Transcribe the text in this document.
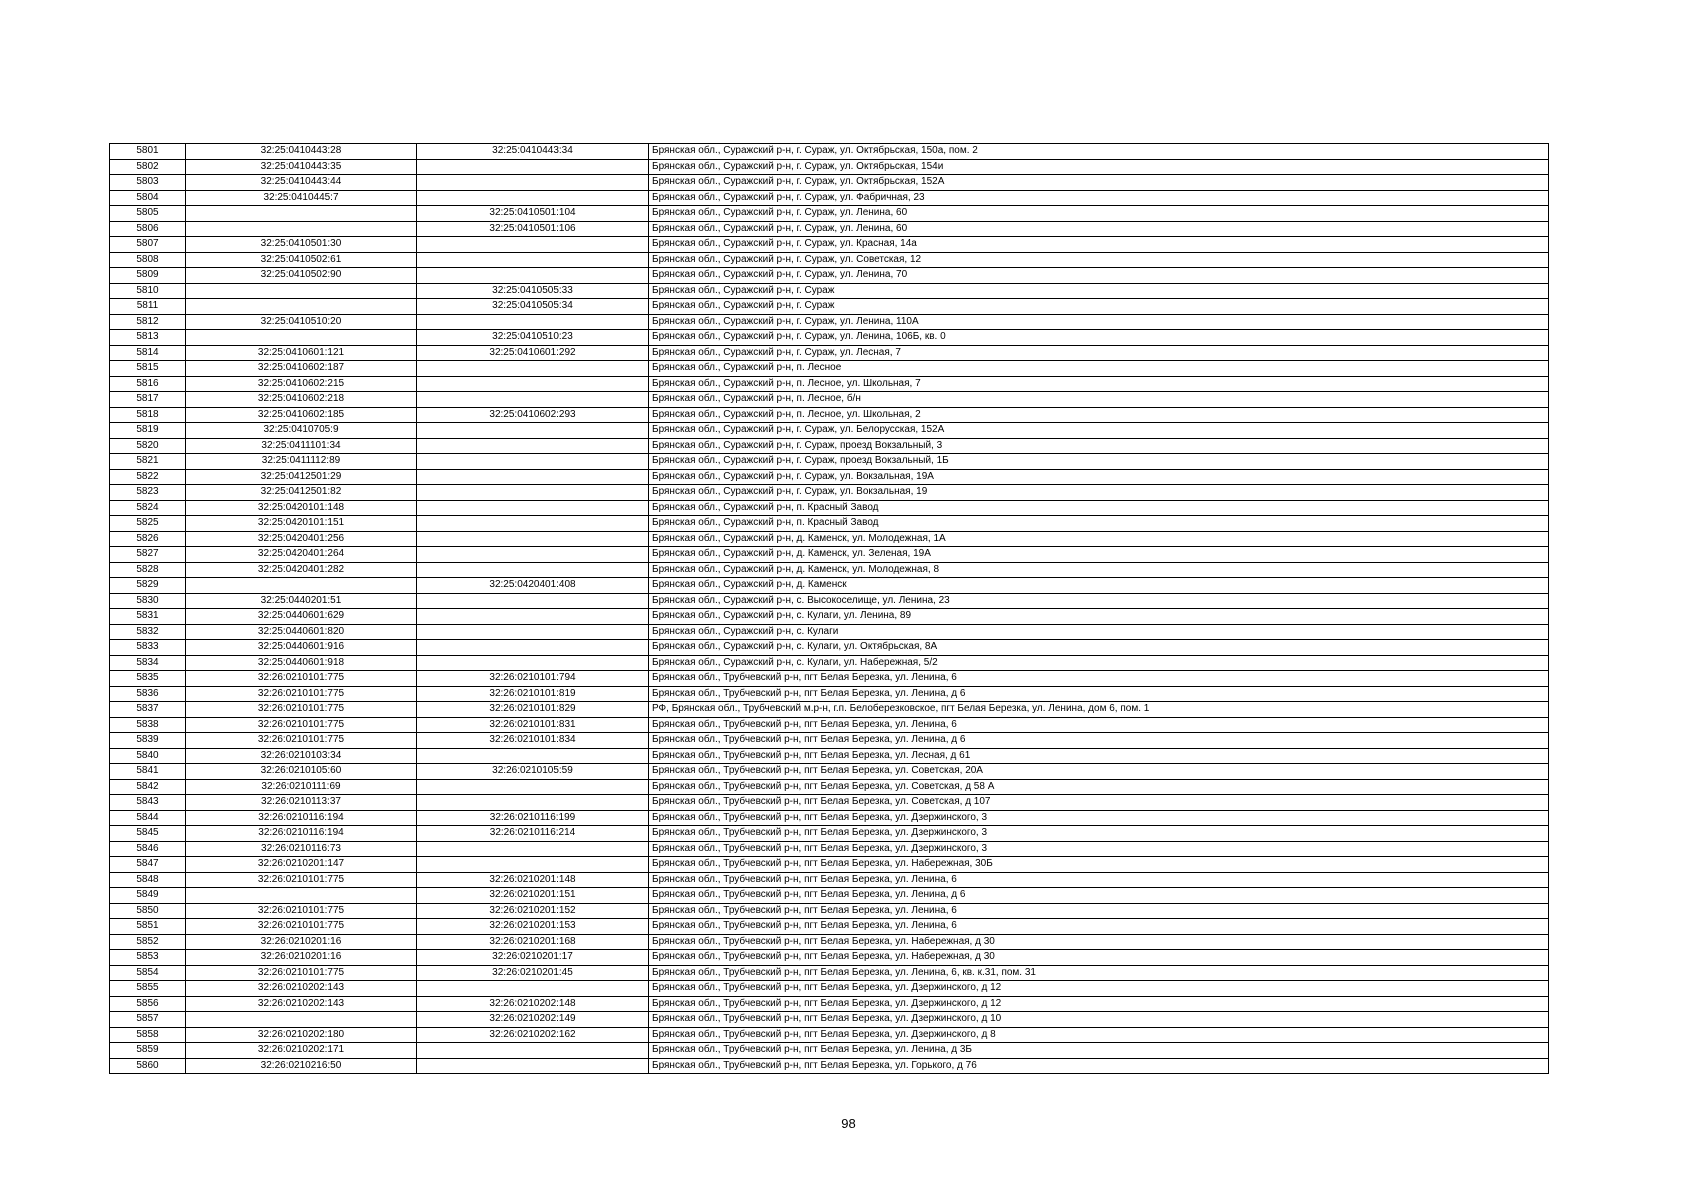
5801	32:25:0410443:28	32:25:0410443:34	Брянская обл., Суражский р-н, г. Сураж, ул. Октябрьская, 150а, пом. 2
5802	32:25:0410443:35		Брянская обл., Суражский р-н, г. Сураж, ул. Октябрьская, 154и
5803	32:25:0410443:44		Брянская обл., Суражский р-н, г. Сураж, ул. Октябрьская, 152А
5804	32:25:0410445:7		Брянская обл., Суражский р-н, г. Сураж, ул. Фабричная, 23
5805		32:25:0410501:104	Брянская обл., Суражский р-н, г. Сураж, ул. Ленина, 60
5806		32:25:0410501:106	Брянская обл., Суражский р-н, г. Сураж, ул. Ленина, 60
5807	32:25:0410501:30		Брянская обл., Суражский р-н, г. Сураж, ул. Красная, 14а
5808	32:25:0410502:61		Брянская обл., Суражский р-н, г. Сураж, ул. Советская, 12
5809	32:25:0410502:90		Брянская обл., Суражский р-н, г. Сураж, ул. Ленина, 70
5810		32:25:0410505:33	Брянская обл., Суражский р-н, г. Сураж
5811		32:25:0410505:34	Брянская обл., Суражский р-н, г. Сураж
5812	32:25:0410510:20		Брянская обл., Суражский р-н, г. Сураж, ул. Ленина, 110А
5813		32:25:0410510:23	Брянская обл., Суражский р-н, г. Сураж, ул. Ленина, 106Б, кв. 0
5814	32:25:0410601:121	32:25:0410601:292	Брянская обл., Суражский р-н, г. Сураж, ул. Лесная, 7
5815	32:25:0410602:187		Брянская обл., Суражский р-н, п. Лесное
5816	32:25:0410602:215		Брянская обл., Суражский р-н, п. Лесное, ул. Школьная, 7
5817	32:25:0410602:218		Брянская обл., Суражский р-н, п. Лесное, б/н
5818	32:25:0410602:185	32:25:0410602:293	Брянская обл., Суражский р-н, п. Лесное, ул. Школьная, 2
5819	32:25:0410705:9		Брянская обл., Суражский р-н, г. Сураж, ул. Белорусская, 152А
5820	32:25:0411101:34		Брянская обл., Суражский р-н, г. Сураж, проезд Вокзальный, 3
5821	32:25:0411112:89		Брянская обл., Суражский р-н, г. Сураж, проезд Вокзальный, 1Б
5822	32:25:0412501:29		Брянская обл., Суражский р-н, г. Сураж, ул. Вокзальная, 19А
5823	32:25:0412501:82		Брянская обл., Суражский р-н, г. Сураж, ул. Вокзальная, 19
5824	32:25:0420101:148		Брянская обл., Суражский р-н, п. Красный Завод
5825	32:25:0420101:151		Брянская обл., Суражский р-н, п. Красный Завод
5826	32:25:0420401:256		Брянская обл., Суражский р-н, д. Каменск, ул. Молодежная, 1А
5827	32:25:0420401:264		Брянская обл., Суражский р-н, д. Каменск, ул. Зеленая, 19А
5828	32:25:0420401:282		Брянская обл., Суражский р-н, д. Каменск, ул. Молодежная, 8
5829		32:25:0420401:408	Брянская обл., Суражский р-н, д. Каменск
5830	32:25:0440201:51		Брянская обл., Суражский р-н, с. Высокоселище, ул. Ленина, 23
5831	32:25:0440601:629		Брянская обл., Суражский р-н, с. Кулаги, ул. Ленина, 89
5832	32:25:0440601:820		Брянская обл., Суражский р-н, с. Кулаги
5833	32:25:0440601:916		Брянская обл., Суражский р-н, с. Кулаги, ул. Октябрьская, 8А
5834	32:25:0440601:918		Брянская обл., Суражский р-н, с. Кулаги, ул. Набережная, 5/2
5835	32:26:0210101:775	32:26:0210101:794	Брянская обл., Трубчевский р-н, пгт Белая Березка, ул. Ленина, 6
5836	32:26:0210101:775	32:26:0210101:819	Брянская обл., Трубчевский р-н, пгт Белая Березка, ул. Ленина, д 6
5837	32:26:0210101:775	32:26:0210101:829	РФ, Брянская обл., Трубчевский м.р-н, г.п. Белоберезковское, пгт Белая Березка, ул. Ленина, дом 6, пом. 1
5838	32:26:0210101:775	32:26:0210101:831	Брянская обл., Трубчевский р-н, пгт Белая Березка, ул. Ленина, 6
5839	32:26:0210101:775	32:26:0210101:834	Брянская обл., Трубчевский р-н, пгт Белая Березка, ул. Ленина, д 6
5840	32:26:0210103:34		Брянская обл., Трубчевский р-н, пгт Белая Березка, ул. Лесная, д 61
5841	32:26:0210105:60	32:26:0210105:59	Брянская обл., Трубчевский р-н, пгт Белая Березка, ул. Советская, 20А
5842	32:26:0210111:69		Брянская обл., Трубчевский р-н, пгт Белая Березка, ул. Советская, д 58 А
5843	32:26:0210113:37		Брянская обл., Трубчевский р-н, пгт Белая Березка, ул. Советская, д 107
5844	32:26:0210116:194	32:26:0210116:199	Брянская обл., Трубчевский р-н, пгт Белая Березка, ул. Дзержинского, 3
5845	32:26:0210116:194	32:26:0210116:214	Брянская обл., Трубчевский р-н, пгт Белая Березка, ул. Дзержинского, 3
5846	32:26:0210116:73		Брянская обл., Трубчевский р-н, пгт Белая Березка, ул. Дзержинского, 3
5847	32:26:0210201:147		Брянская обл., Трубчевский р-н, пгт Белая Березка, ул. Набережная, 30Б
5848	32:26:0210101:775	32:26:0210201:148	Брянская обл., Трубчевский р-н, пгт Белая Березка, ул. Ленина, 6
5849		32:26:0210201:151	Брянская обл., Трубчевский р-н, пгт Белая Березка, ул. Ленина, д 6
5850	32:26:0210101:775	32:26:0210201:152	Брянская обл., Трубчевский р-н, пгт Белая Березка, ул. Ленина, 6
5851	32:26:0210101:775	32:26:0210201:153	Брянская обл., Трубчевский р-н, пгт Белая Березка, ул. Ленина, 6
5852	32:26:0210201:16	32:26:0210201:168	Брянская обл., Трубчевский р-н, пгт Белая Березка, ул. Набережная, д 30
5853	32:26:0210201:16	32:26:0210201:17	Брянская обл., Трубчевский р-н, пгт Белая Березка, ул. Набережная, д 30
5854	32:26:0210101:775	32:26:0210201:45	Брянская обл., Трубчевский р-н, пгт Белая Березка, ул. Ленина, 6, кв. к.31, пом. 31
5855	32:26:0210202:143		Брянская обл., Трубчевский р-н, пгт Белая Березка, ул. Дзержинского, д 12
5856	32:26:0210202:143	32:26:0210202:148	Брянская обл., Трубчевский р-н, пгт Белая Березка, ул. Дзержинского, д 12
5857		32:26:0210202:149	Брянская обл., Трубчевский р-н, пгт Белая Березка, ул. Дзержинского, д 10
5858	32:26:0210202:180	32:26:0210202:162	Брянская обл., Трубчевский р-н, пгт Белая Березка, ул. Дзержинского, д 8
5859	32:26:0210202:171		Брянская обл., Трубчевский р-н, пгт Белая Березка, ул. Ленина, д 3Б
5860	32:26:0210216:50		Брянская обл., Трубчевский р-н, пгт Белая Березка, ул. Горького, д 76
98
